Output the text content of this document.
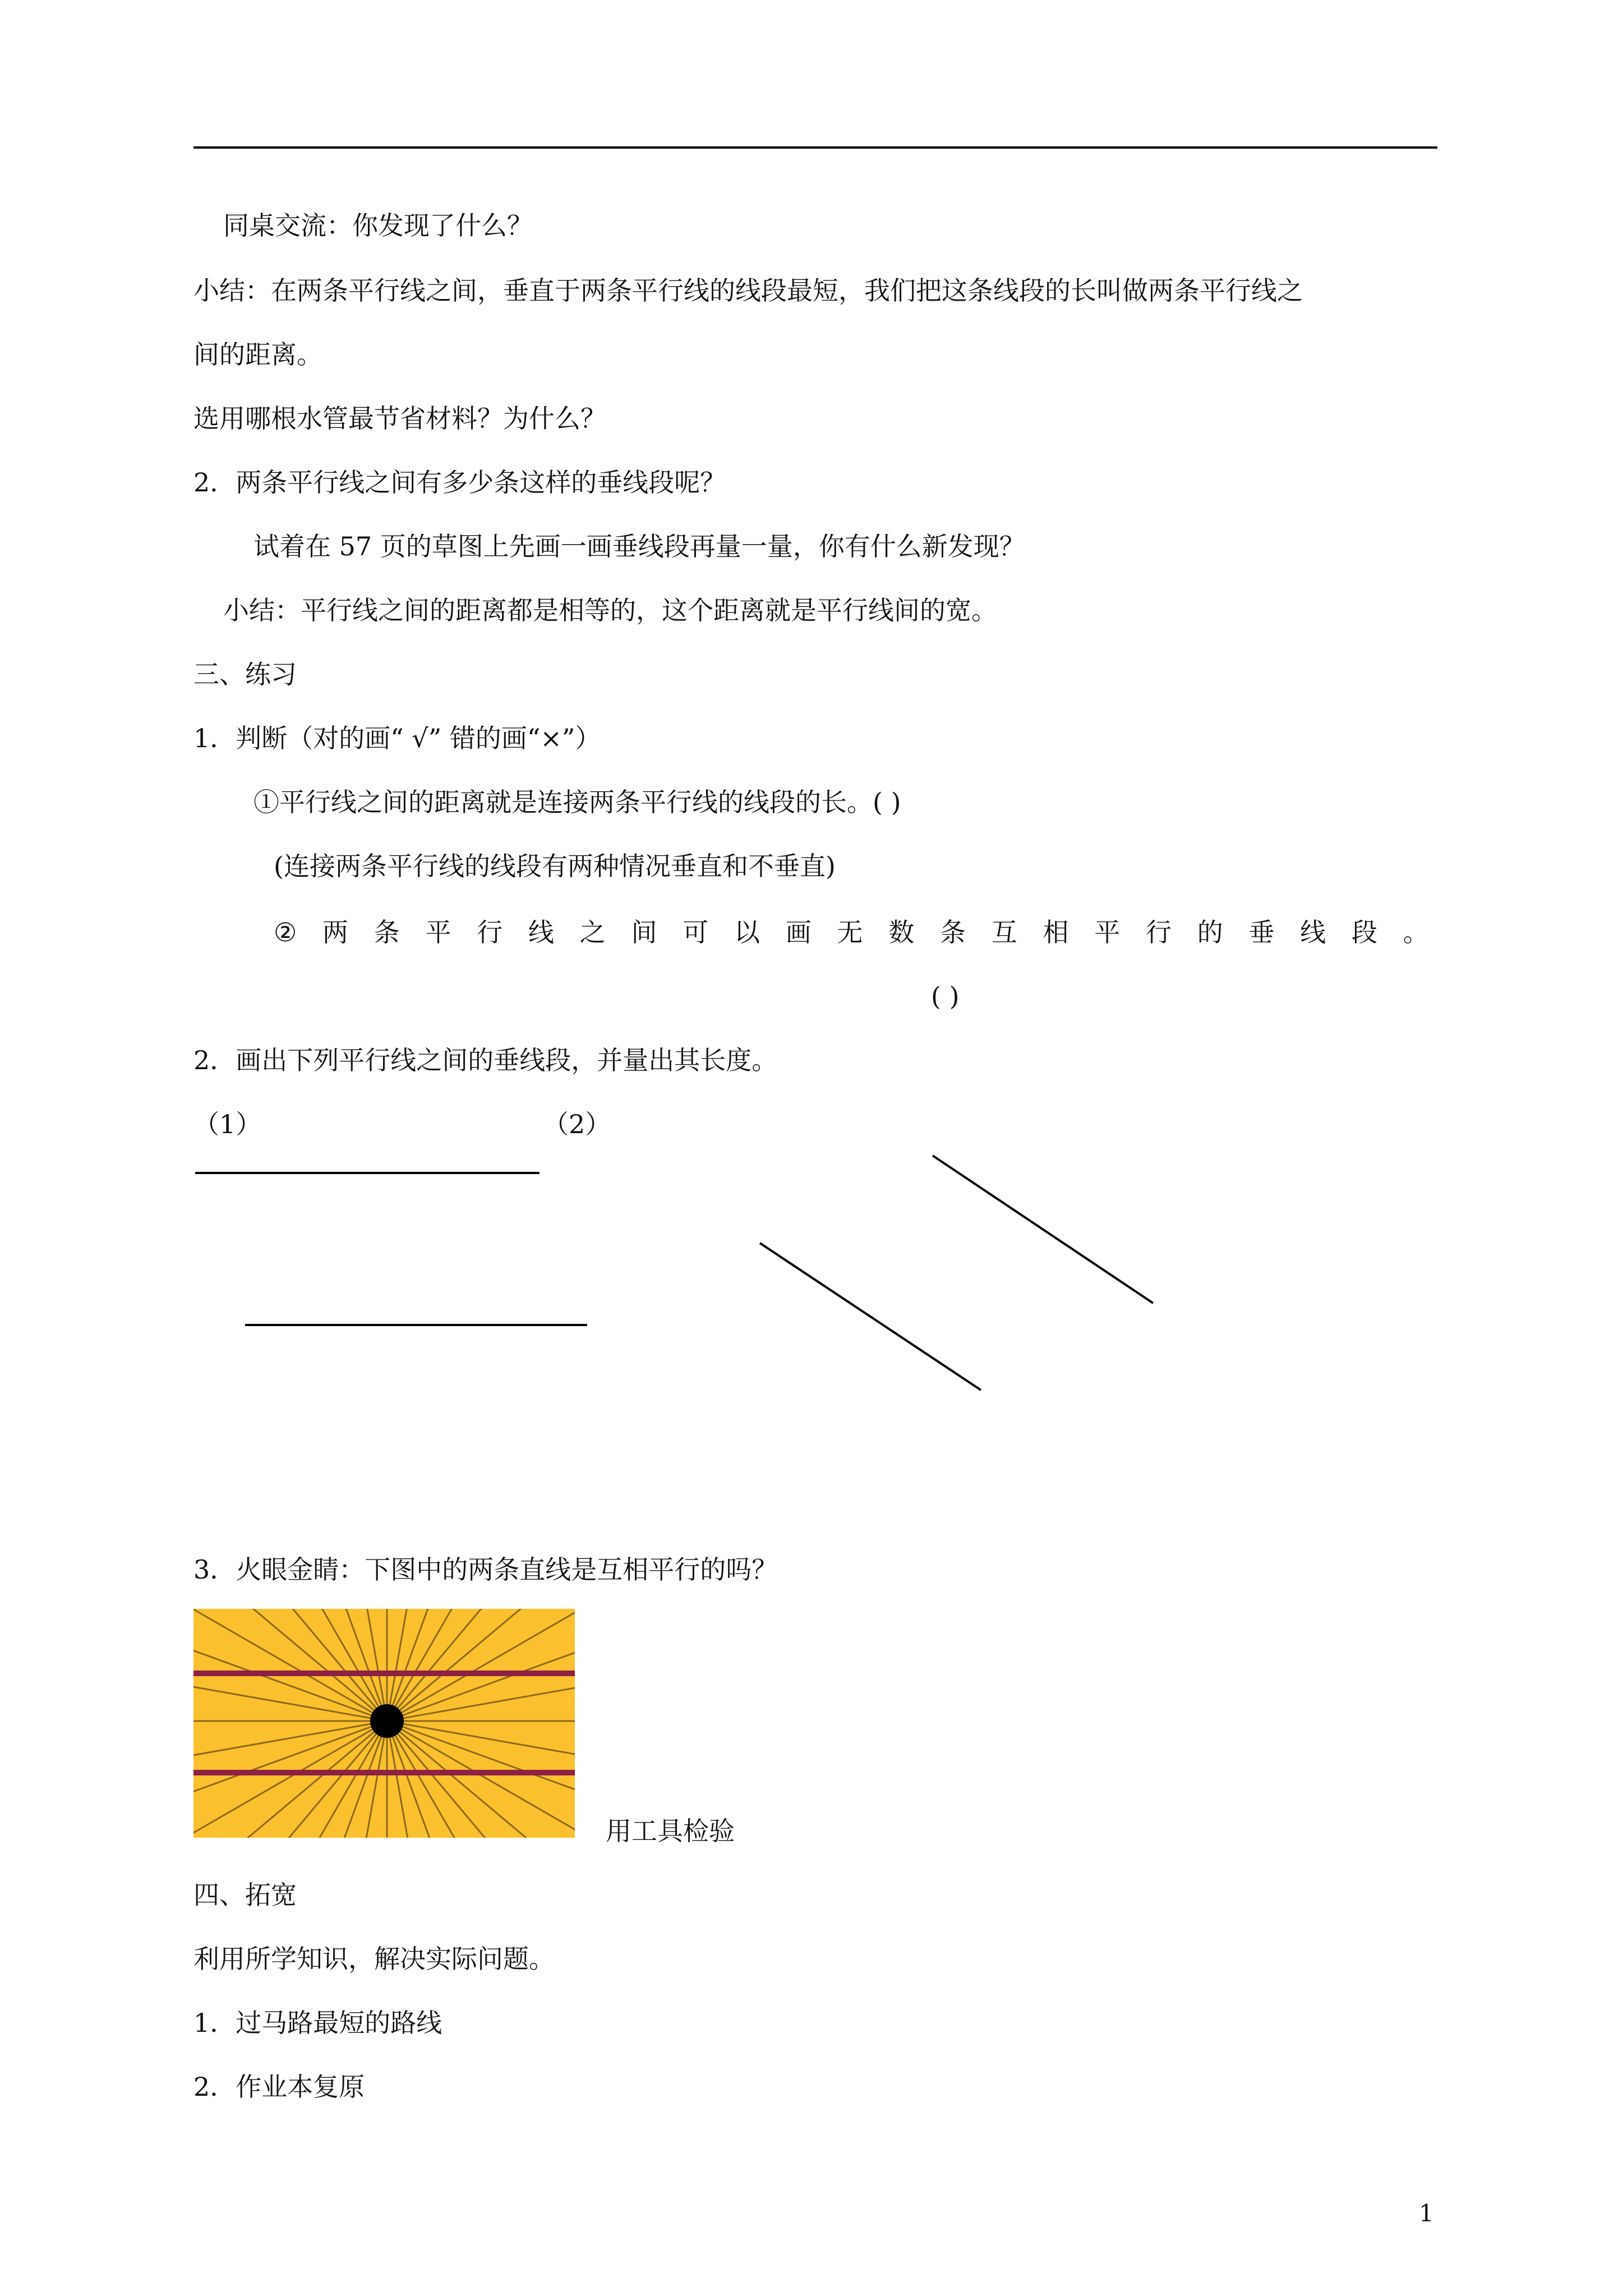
同桌交流：你发现了什么？
小结：在两条平行线之间，垂直于两条平行线的线段最短，我们把这条线段的长叫做两条平行线之
间的距离。
选用哪根水管最节省材料？为什么？
2．两条平行线之间有多少条这样的垂线段呢？
试着在 57 页的草图上先画一画垂线段再量一量，你有什么新发现？
小结：平行线之间的距离都是相等的，这个距离就是平行线间的宽。
三、练习
1．判断（对的画“ √” 错的画“×”）
①平行线之间的距离就是连接两条平行线的线段的长。( )
(连接两条平行线的线段有两种情况垂直和不垂直)
② 两 条 平 行 线 之 间 可 以 画 无 数 条 互 相 平 行 的 垂 线 段 。
( )
2．画出下列平行线之间的垂线段，并量出其长度。
（1）	（2）
3．火眼金睛：下图中的两条直线是互相平行的吗？
用工具检验
四、拓宽
利用所学知识，解决实际问题。
1．过马路最短的路线
2．作业本复原
1
